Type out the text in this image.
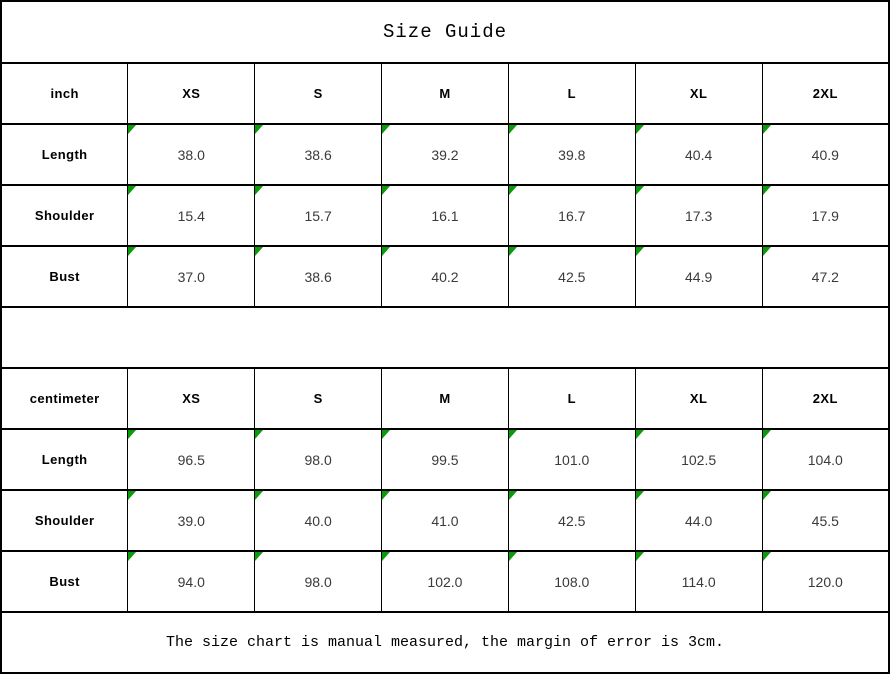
Size Guide						
inch	XS	S	M	L	XL	2XL
Length	38.0	38.6	39.2	39.8	40.4	40.9
Shoulder	15.4	15.7	16.1	16.7	17.3	17.9
Bust	37.0	38.6	40.2	42.5	44.9	47.2

centimeter	XS	S	M	L	XL	2XL
Length	96.5	98.0	99.5	101.0	102.5	104.0
Shoulder	39.0	40.0	41.0	42.5	44.0	45.5
Bust	94.0	98.0	102.0	108.0	114.0	120.0
The size chart is manual measured, the margin of error is 3cm.						
